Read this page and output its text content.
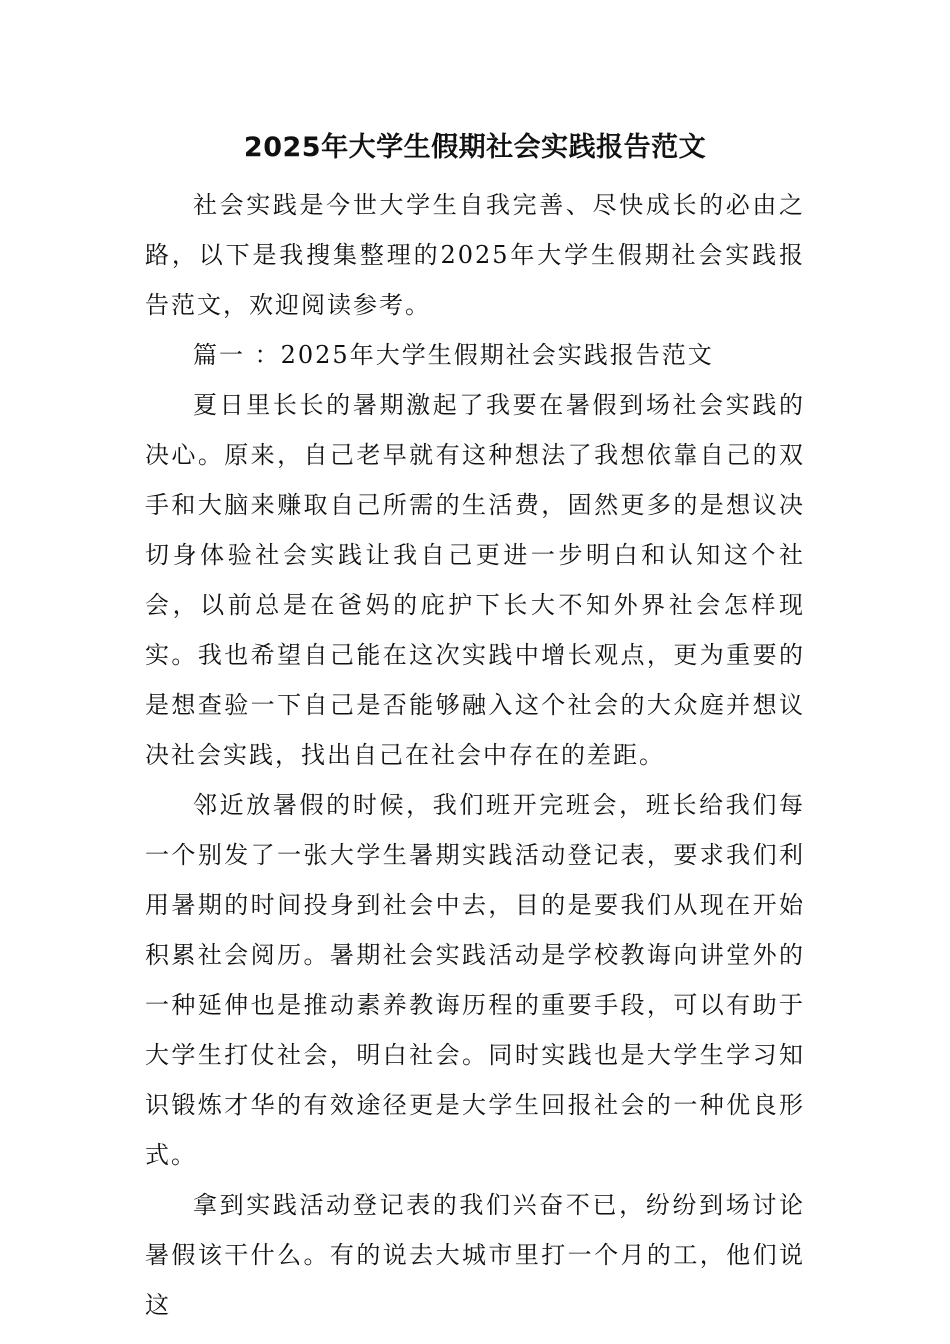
2025年大学生假期社会实践报告范文

社会实践是今世大学生自我完善、尽快成长的必由之路，以下是我搜集整理的2025年大学生假期社会实践报告范文，欢迎阅读参考。

篇一 ：2025年大学生假期社会实践报告范文

夏日里长长的暑期激起了我要在暑假到场社会实践的决心。原来，自己老早就有这种想法了我想依靠自己的双手和大脑来赚取自己所需的生活费，固然更多的是想议决切身体验社会实践让我自己更进一步明白和认知这个社会，以前总是在爸妈的庇护下长大不知外界社会怎样现实。我也希望自己能在这次实践中增长观点，更为重要的是想查验一下自己是否能够融入这个社会的大众庭并想议决社会实践，找出自己在社会中存在的差距。

邻近放暑假的时候，我们班开完班会，班长给我们每一个别发了一张大学生暑期实践活动登记表，要求我们利用暑期的时间投身到社会中去，目的是要我们从现在开始积累社会阅历。暑期社会实践活动是学校教诲向讲堂外的一种延伸也是推动素养教诲历程的重要手段，可以有助于大学生打仗社会，明白社会。同时实践也是大学生学习知识锻炼才华的有效途径更是大学生回报社会的一种优良形式。

拿到实践活动登记表的我们兴奋不已，纷纷到场讨论暑假该干什么。有的说去大城市里打一个月的工，他们说这
